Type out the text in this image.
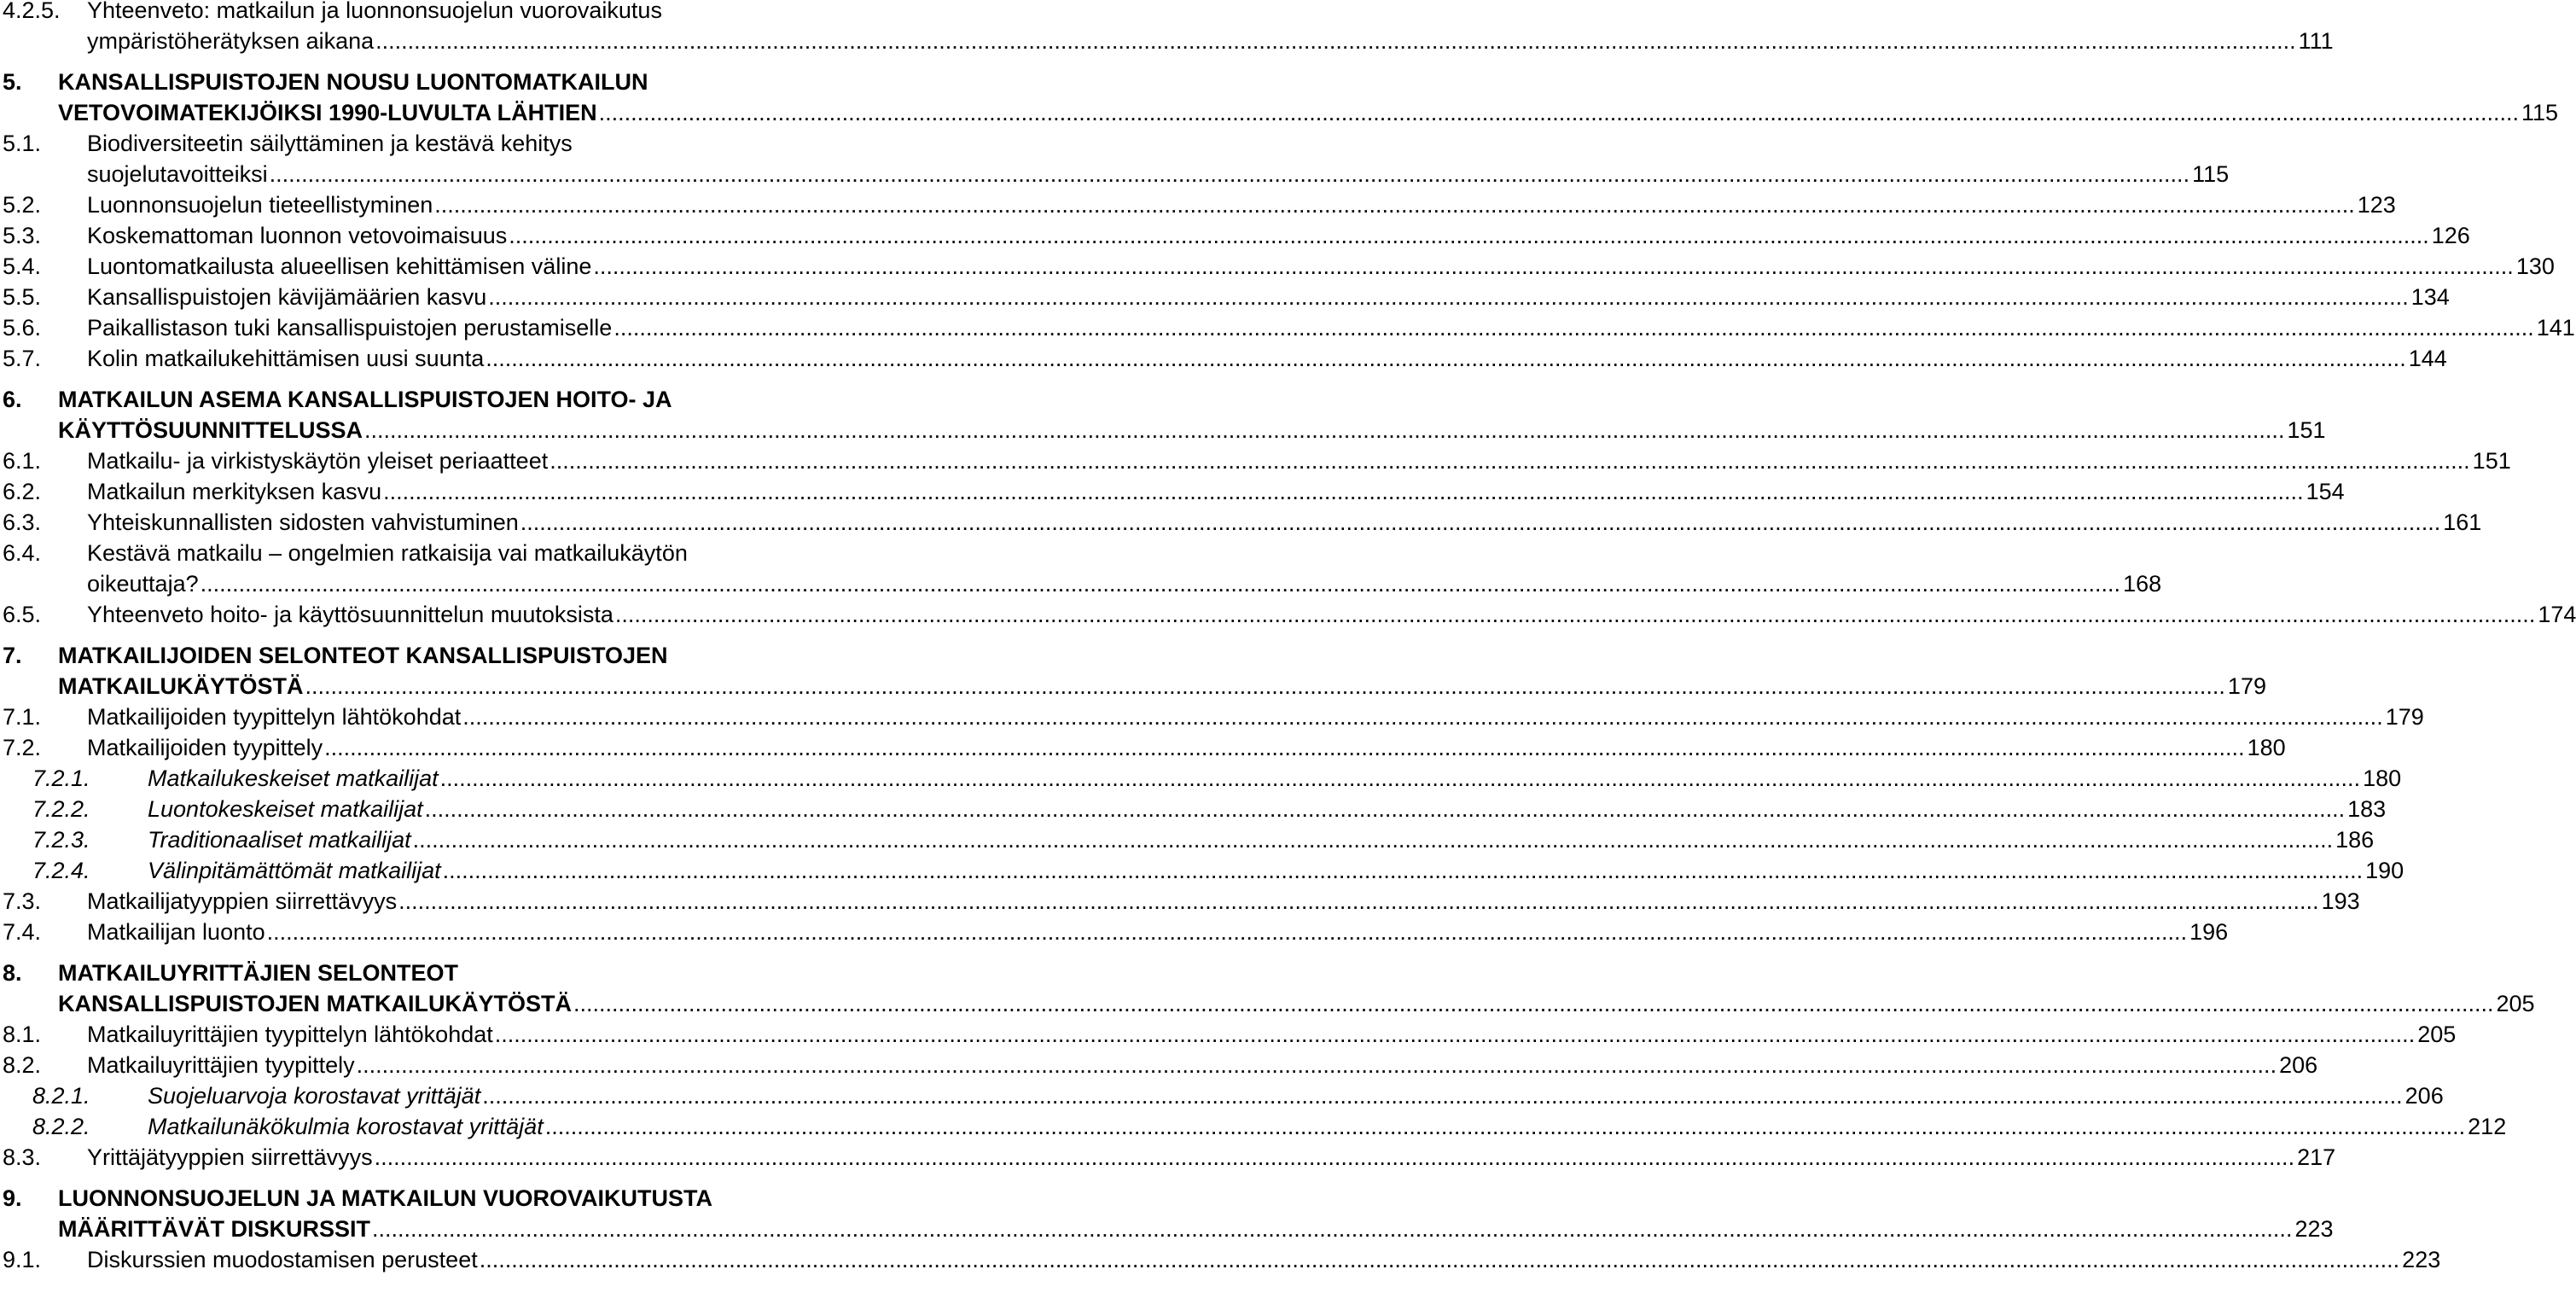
4.2.5. Yhteenveto: matkailun ja luonnonsuojelun vuorovaikutus
ympäristöherätyksen aikana ............................................................................................................................................................................................................................................................................................................ 111
5. KANSALLISPUISTOJEN NOUSU LUONTOMATKAILUN
VETOVOIMATEKIJÖIKSI 1990-LUVULTA LÄHTIEN ............................................................................................................................................................................................................................................................................................................ 115
5.1. Biodiversiteetin säilyttäminen ja kestävä kehitys
suojelutavoitteiksi ............................................................................................................................................................................................................................................................................................................ 115
5.2. Luonnonsuojelun tieteellistyminen ............................................................................................................................................................................................................................................................................................................ 123
5.3. Koskemattoman luonnon vetovoimaisuus ............................................................................................................................................................................................................................................................................................................ 126
5.4. Luontomatkailusta alueellisen kehittämisen väline ............................................................................................................................................................................................................................................................................................................ 130
5.5. Kansallispuistojen kävijämäärien kasvu ............................................................................................................................................................................................................................................................................................................ 134
5.6. Paikallistason tuki kansallispuistojen perustamiselle ............................................................................................................................................................................................................................................................................................................ 141
5.7. Kolin matkailukehittämisen uusi suunta ............................................................................................................................................................................................................................................................................................................ 144
6. MATKAILUN ASEMA KANSALLISPUISTOJEN HOITO- JA
KÄYTTÖSUUNNITTELUSSA ............................................................................................................................................................................................................................................................................................................ 151
6.1. Matkailu- ja virkistyskäytön yleiset periaatteet ............................................................................................................................................................................................................................................................................................................ 151
6.2. Matkailun merkityksen kasvu ............................................................................................................................................................................................................................................................................................................ 154
6.3. Yhteiskunnallisten sidosten vahvistuminen ............................................................................................................................................................................................................................................................................................................ 161
6.4. Kestävä matkailu – ongelmien ratkaisija vai matkailukäytön
oikeuttaja? ............................................................................................................................................................................................................................................................................................................ 168
6.5. Yhteenveto hoito- ja käyttösuunnittelun muutoksista ............................................................................................................................................................................................................................................................................................................ 174
7. MATKAILIJOIDEN SELONTEOT KANSALLISPUISTOJEN
MATKAILUKÄYTÖSTÄ ............................................................................................................................................................................................................................................................................................................ 179
7.1. Matkailijoiden tyypittelyn lähtökohdat ............................................................................................................................................................................................................................................................................................................ 179
7.2. Matkailijoiden tyypittely ............................................................................................................................................................................................................................................................................................................ 180
7.2.1. Matkailukeskeiset matkailijat ............................................................................................................................................................................................................................................................................................................ 180
7.2.2. Luontokeskeiset matkailijat ............................................................................................................................................................................................................................................................................................................ 183
7.2.3. Traditionaaliset matkailijat ............................................................................................................................................................................................................................................................................................................ 186
7.2.4. Välinpitämättömät matkailijat ............................................................................................................................................................................................................................................................................................................ 190
7.3. Matkailijatyyppien siirrettävyys ............................................................................................................................................................................................................................................................................................................ 193
7.4. Matkailijan luonto ............................................................................................................................................................................................................................................................................................................ 196
8. MATKAILUYRITTÄJIEN SELONTEOT
KANSALLISPUISTOJEN MATKAILUKÄYTÖSTÄ ............................................................................................................................................................................................................................................................................................................ 205
8.1. Matkailuyrittäjien tyypittelyn lähtökohdat ............................................................................................................................................................................................................................................................................................................ 205
8.2. Matkailuyrittäjien tyypittely ............................................................................................................................................................................................................................................................................................................ 206
8.2.1. Suojeluarvoja korostavat yrittäjät ............................................................................................................................................................................................................................................................................................................ 206
8.2.2. Matkailunäkökulmia korostavat yrittäjät ............................................................................................................................................................................................................................................................................................................ 212
8.3. Yrittäjätyyppien siirrettävyys ............................................................................................................................................................................................................................................................................................................ 217
9. LUONNONSUOJELUN JA MATKAILUN VUOROVAIKUTUSTA
MÄÄRITTÄVÄT DISKURSSIT ............................................................................................................................................................................................................................................................................................................ 223
9.1. Diskurssien muodostamisen perusteet ............................................................................................................................................................................................................................................................................................................ 223
